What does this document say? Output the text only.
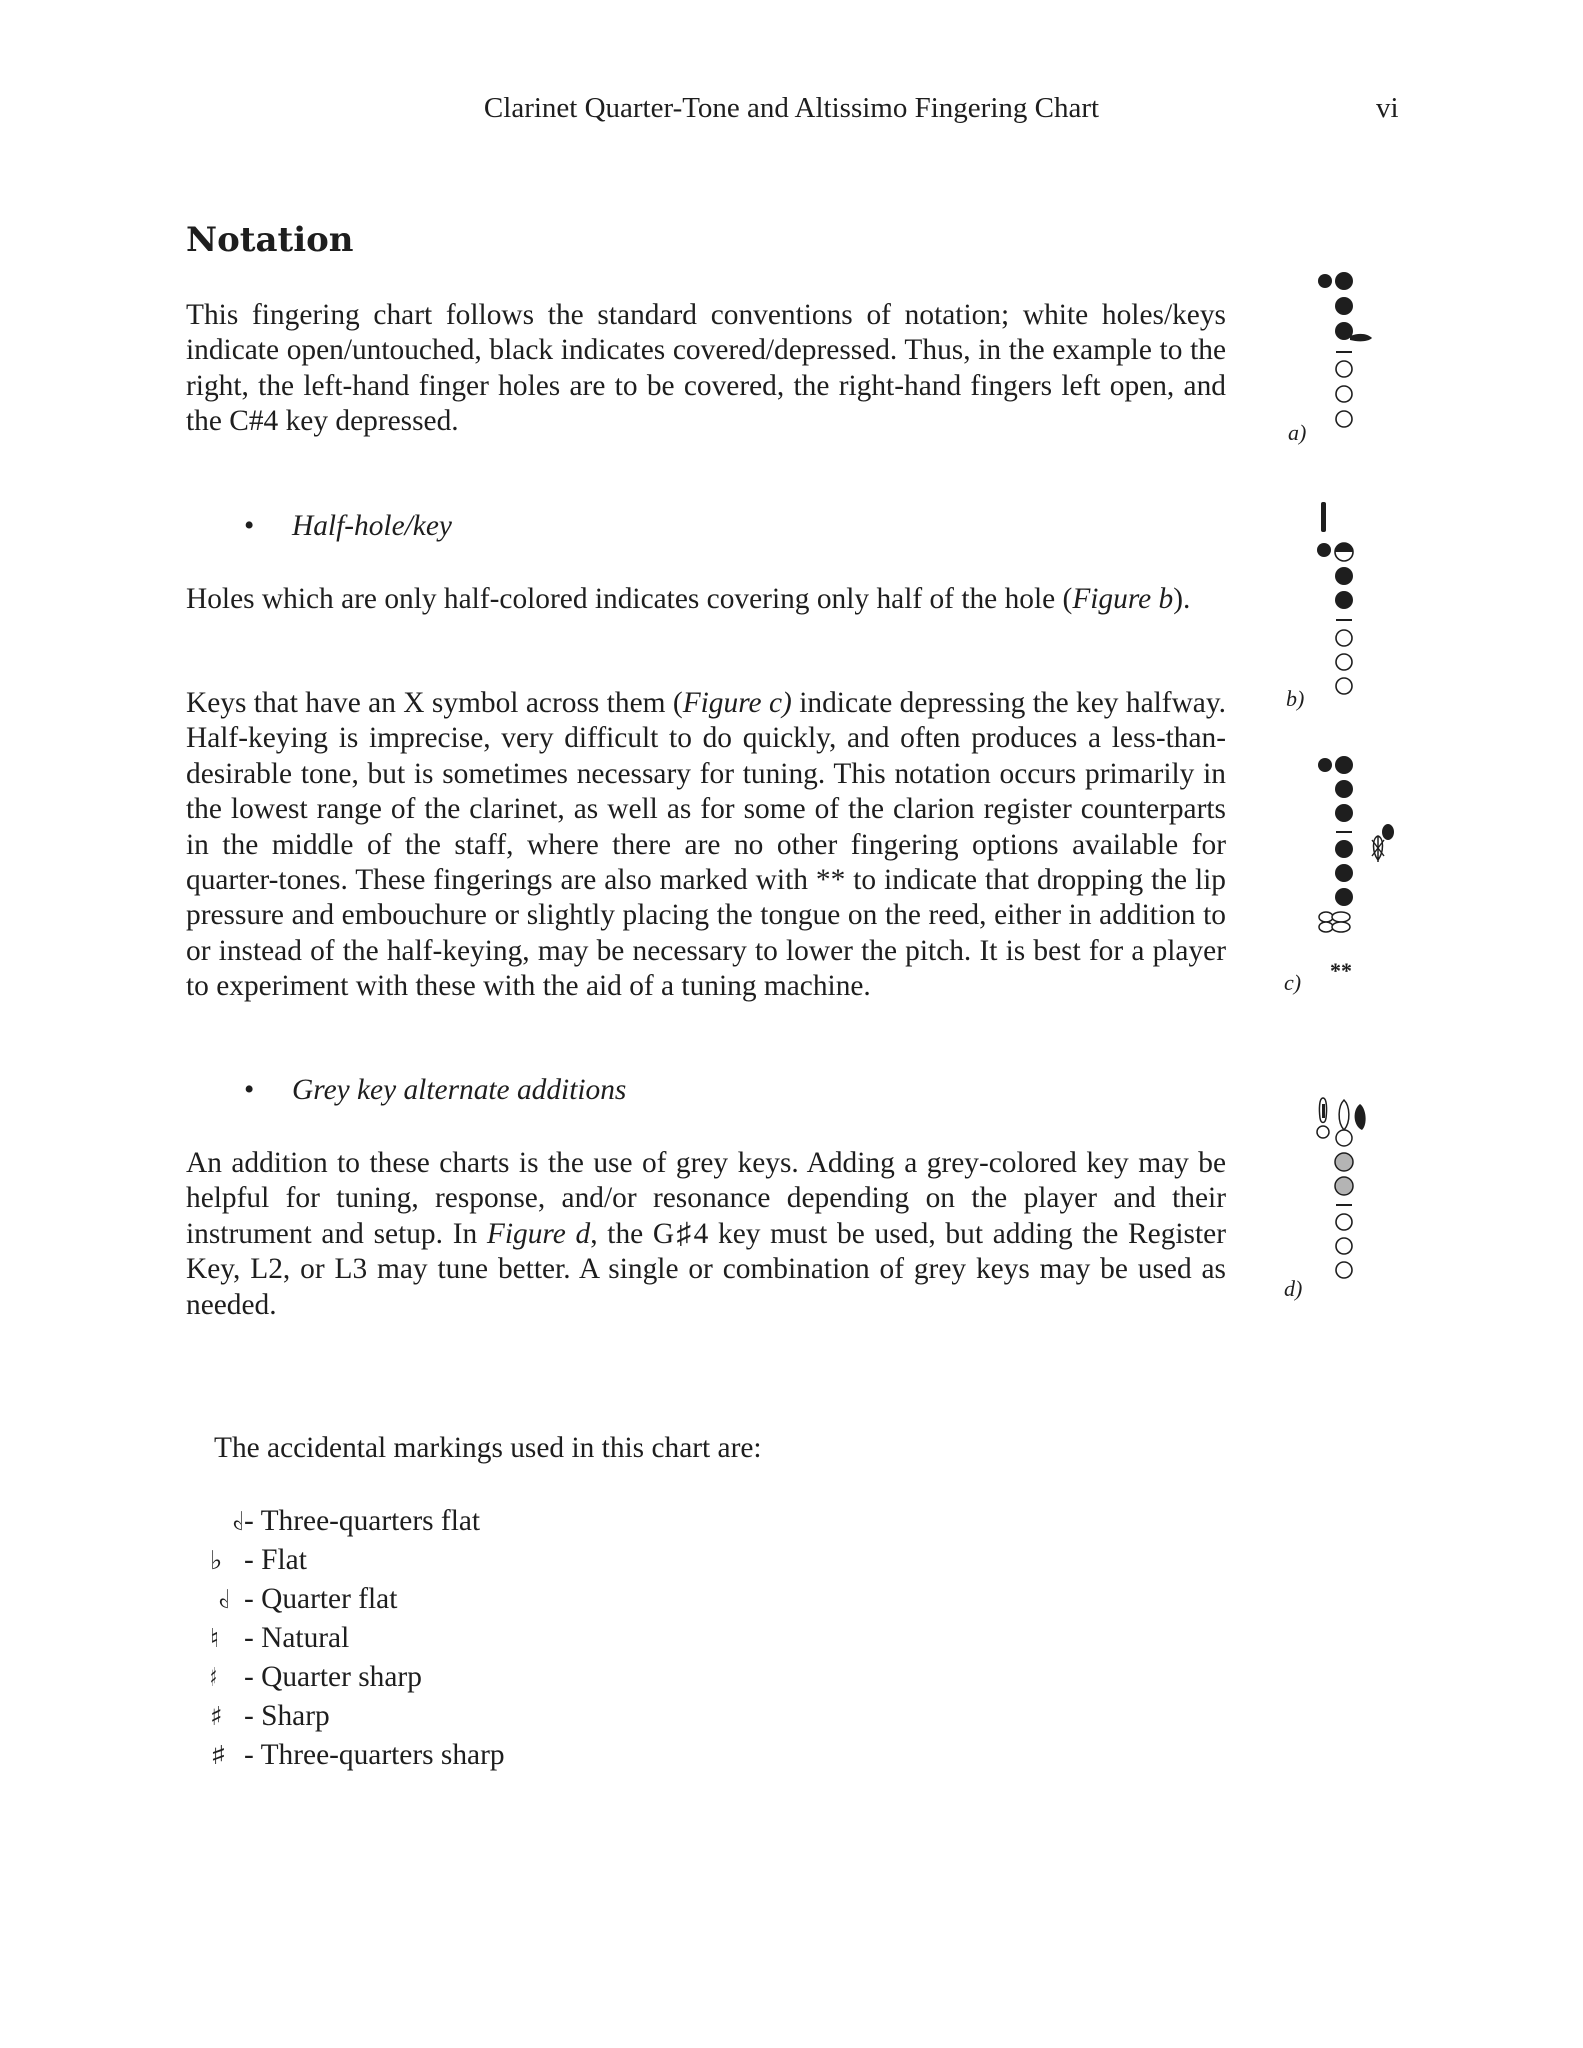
Clarinet Quarter-Tone and Altissimo Fingering Chart	vi
Notation

This fingering chart follows the standard conventions of notation; white holes/keys indicate open/untouched, black indicates covered/depressed. Thus, in the example to the right, the left-hand finger holes are to be covered, the right-hand fingers left open, and the C#4 key depressed.

• Half-hole/key

Holes which are only half-colored indicates covering only half of the hole (Figure b).

Keys that have an X symbol across them (Figure c) indicate depressing the key halfway. Half-keying is imprecise, very difficult to do quickly, and often produces a less-than-desirable tone, but is sometimes necessary for tuning. This notation occurs primarily in the lowest range of the clarinet, as well as for some of the clarion register counterparts in the middle of the staff, where there are no other fingering options available for quarter-tones. These fingerings are also marked with ** to indicate that dropping the lip pressure and embouchure or slightly placing the tongue on the reed, either in addition to or instead of the half-keying, may be necessary to lower the pitch. It is best for a player to experiment with these with the aid of a tuning machine.

• Grey key alternate additions

An addition to these charts is the use of grey keys. Adding a grey-colored key may be helpful for tuning, response, and/or resonance depending on the player and their instrument and setup. In Figure d, the G♯4 key must be used, but adding the Register Key, L2, or L3 may tune better. A single or combination of grey keys may be used as needed.

The accidental markings used in this chart are:
♭- Three-quarters flat
♭ - Flat
♭ - Quarter flat
♮ - Natural
♯ - Quarter sharp
♯ - Sharp
♯ - Three-quarters sharp
a)
b)
c) **
d)
